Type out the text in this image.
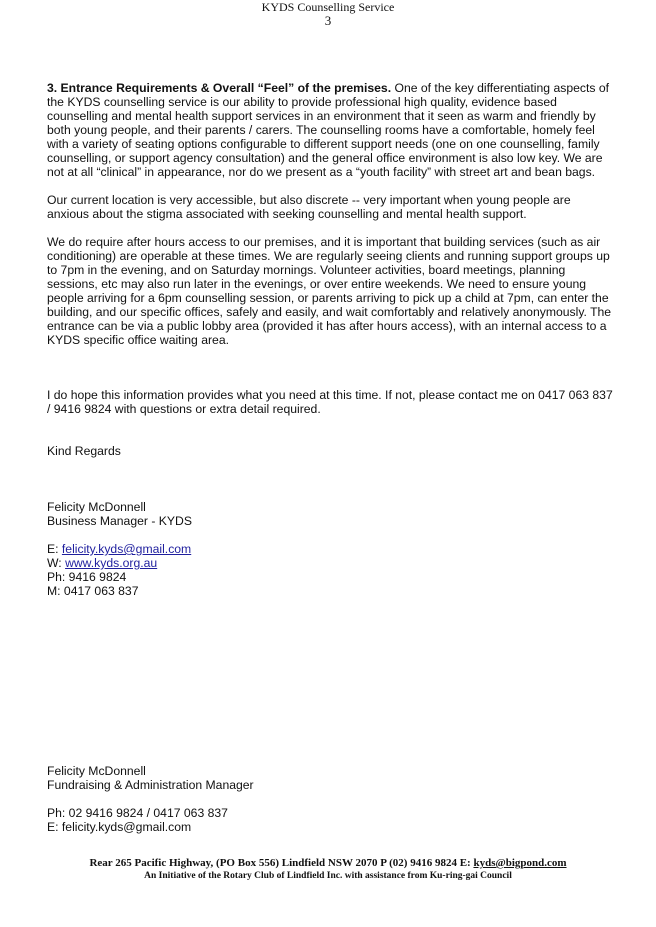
KYDS Counselling Service
3

3. Entrance Requirements & Overall “Feel” of the premises. One of the key differentiating aspects of the KYDS counselling service is our ability to provide professional high quality, evidence based counselling and mental health support services in an environment that it seen as warm and friendly by both young people, and their parents / carers. The counselling rooms have a comfortable, homely feel with a variety of seating options configurable to different support needs (one on one counselling, family counselling, or support agency consultation) and the general office environment is also low key. We are not at all “clinical” in appearance, nor do we present as a “youth facility” with street art and bean bags.

Our current location is very accessible, but also discrete -- very important when young people are anxious about the stigma associated with seeking counselling and mental health support.

We do require after hours access to our premises, and it is important that building services (such as air conditioning) are operable at these times. We are regularly seeing clients and running support groups up to 7pm in the evening, and on Saturday mornings. Volunteer activities, board meetings, planning sessions, etc may also run later in the evenings, or over entire weekends. We need to ensure young people arriving for a 6pm counselling session, or parents arriving to pick up a child at 7pm, can enter the building, and our specific offices, safely and easily, and wait comfortably and relatively anonymously. The entrance can be via a public lobby area (provided it has after hours access), with an internal access to a KYDS specific office waiting area.

I do hope this information provides what you need at this time. If not, please contact me on 0417 063 837 / 9416 9824 with questions or extra detail required.

Kind Regards

Felicity McDonnell

Business Manager - KYDS

E: felicity.kyds@gmail.com

W: www.kyds.org.au

Ph: 9416 9824

M: 0417 063 837

Felicity McDonnell

Fundraising & Administration Manager

Ph: 02 9416 9824 / 0417 063 837

E: felicity.kyds@gmail.com

Rear 265 Pacific Highway, (PO Box 556) Lindfield NSW 2070 P (02) 9416 9824 E: kyds@bigpond.com
An Initiative of the Rotary Club of Lindfield Inc. with assistance from Ku-ring-gai Council
